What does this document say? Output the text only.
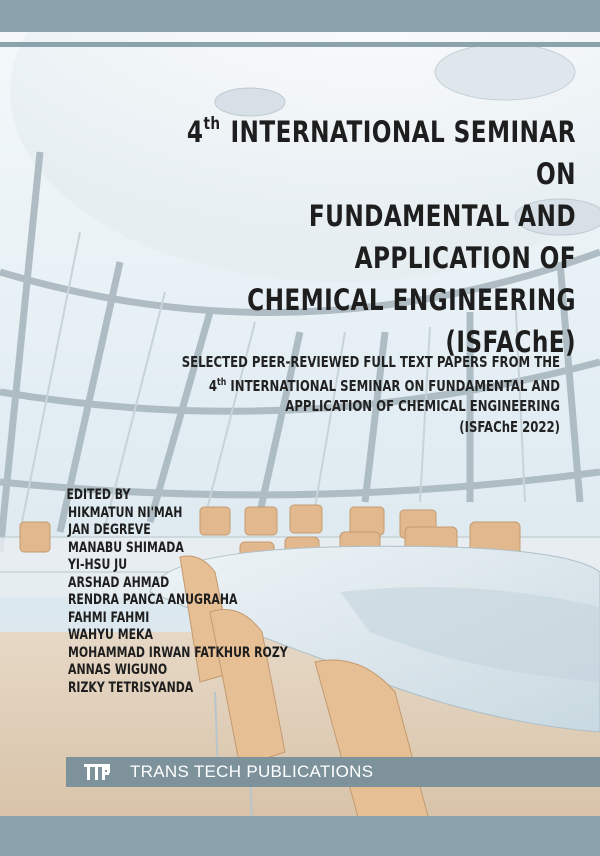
4th INTERNATIONAL SEMINAR ON
FUNDAMENTAL AND APPLICATION OF
CHEMICAL ENGINEERING (ISFAChE)
SELECTED PEER-REVIEWED FULL TEXT PAPERS FROM THE
4th INTERNATIONAL SEMINAR ON FUNDAMENTAL AND
APPLICATION OF CHEMICAL ENGINEERING
(ISFAChE 2022)
EDITED BY
HIKMATUN NI'MAH
JAN DEGREVE
MANABU SHIMADA
YI-HSU JU
ARSHAD AHMAD
RENDRA PANCA ANUGRAHA
FAHMI FAHMI
WAHYU MEKA
MOHAMMAD IRWAN FATKHUR ROZY
ANNAS WIGUNO
RIZKY TETRISYANDA
TRANS TECH PUBLICATIONS
